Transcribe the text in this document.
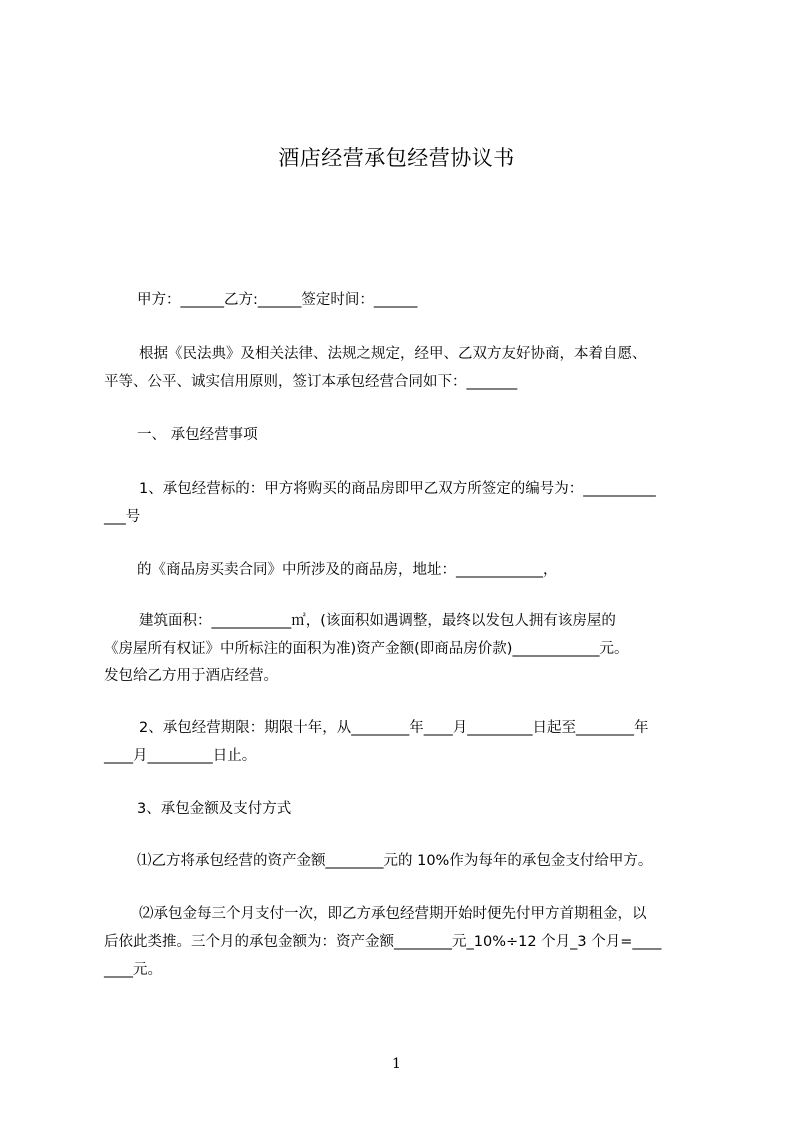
酒店经营承包经营协议书
甲方：______乙方:______签定时间：______
根据《民法典》及相关法律、法规之规定，经甲、乙双方友好协商，本着自愿、
平等、公平、诚实信用原则，签订本承包经营合同如下：_______
一、 承包经营事项
1、承包经营标的：甲方将购买的商品房即甲乙双方所签定的编号为：__________
___号
的《商品房买卖合同》中所涉及的商品房，地址：____________，
建筑面积：___________㎡，(该面积如遇调整，最终以发包人拥有该房屋的
《房屋所有权证》中所标注的面积为准)资产金额(即商品房价款)____________元。
发包给乙方用于酒店经营。
2、承包经营期限：期限十年，从________年____月_________日起至________年
____月_________日止。
3、承包金额及支付方式
⑴乙方将承包经营的资产金额________元的 10%作为每年的承包金支付给甲方。
⑵承包金每三个月支付一次，即乙方承包经营期开始时便先付甲方首期租金，以
后依此类推。三个月的承包金额为：资产金额________元_10%÷12 个月_3 个月=____
____元。
1
